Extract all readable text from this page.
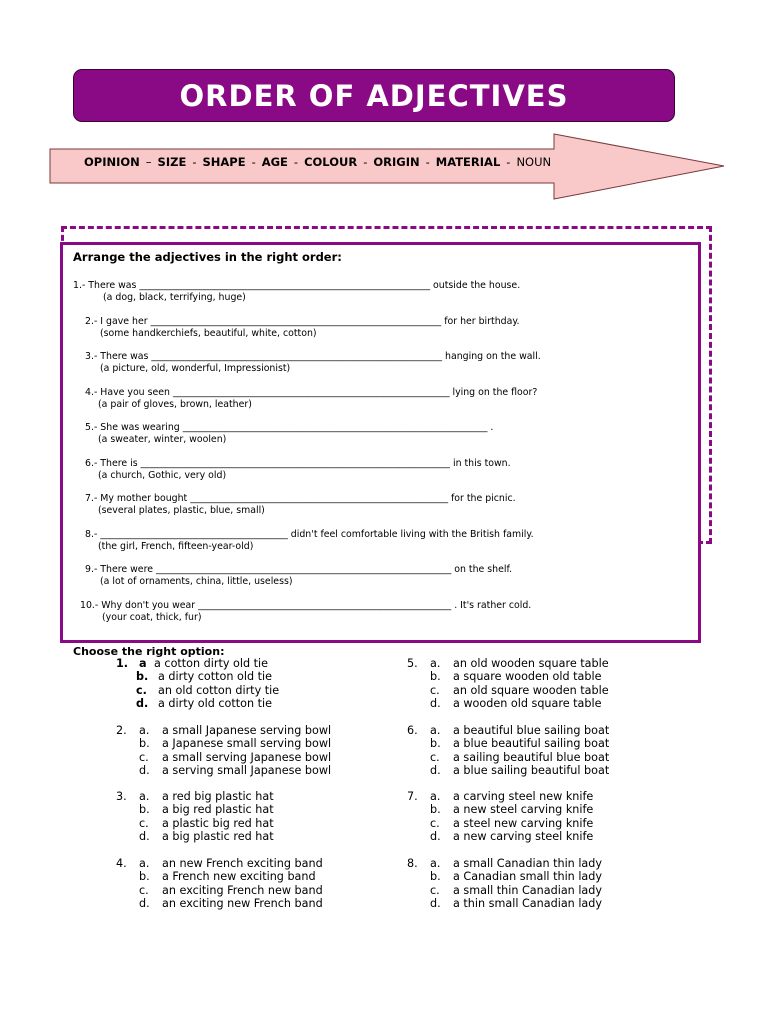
ORDER OF ADJECTIVES
OPINION – SIZE - SHAPE - AGE - COLOUR - ORIGIN - MATERIAL - NOUN
Arrange the adjectives in the right order:
1.- There was ______________________________________________________________ outside the house.
(a dog, black, terrifying, huge)
2.- I gave her ______________________________________________________________ for her birthday.
(some handkerchiefs, beautiful, white, cotton)
3.- There was ______________________________________________________________ hanging on the wall.
(a picture, old, wonderful, Impressionist)
4.- Have you seen ___________________________________________________________ lying on the floor?
(a pair of gloves, brown, leather)
5.- She was wearing _________________________________________________________________ .
(a sweater, winter, woolen)
6.- There is __________________________________________________________________ in this town.
(a church, Gothic, very old)
7.- My mother bought _______________________________________________________ for the picnic.
(several plates, plastic, blue, small)
8.- ________________________________________ didn't feel comfortable living with the British family.
(the girl, French, fifteen-year-old)
9.- There were _______________________________________________________________ on the shelf.
(a lot of ornaments, china, little, useless)
10.- Why don't you wear ______________________________________________________ . It's rather cold.
(your coat, thick, fur)
Choose the right option:
1. a a cotton dirty old tie
b. a dirty cotton old tie
c. an old cotton dirty tie
d. a dirty old cotton tie
2.	a.	a small Japanese serving bowl
b.	a Japanese small serving bowl
c.	a small serving Japanese bowl
d.	a serving small Japanese bowl
3.	a.	a red big plastic hat
b.	a big red plastic hat
c.	a plastic big red hat
d.	a big plastic red hat
4.	a.	an new French exciting band
b.	a French new exciting band
c.	an exciting French new band
d.	an exciting new French band
5.	a.	an old wooden square table
b.	a square wooden old table
c.	an old square wooden table
d.	a wooden old square table
6.	a.	a beautiful blue sailing boat
b.	a blue beautiful sailing boat
c.	a sailing beautiful blue boat
d.	a blue sailing beautiful boat
7.	a.	a carving steel new knife
b.	a new steel carving knife
c.	a steel new carving knife
d.	a new carving steel knife
8.	a.	a small Canadian thin lady
b.	a Canadian small thin lady
c.	a small thin Canadian lady
d.	a thin small Canadian lady
